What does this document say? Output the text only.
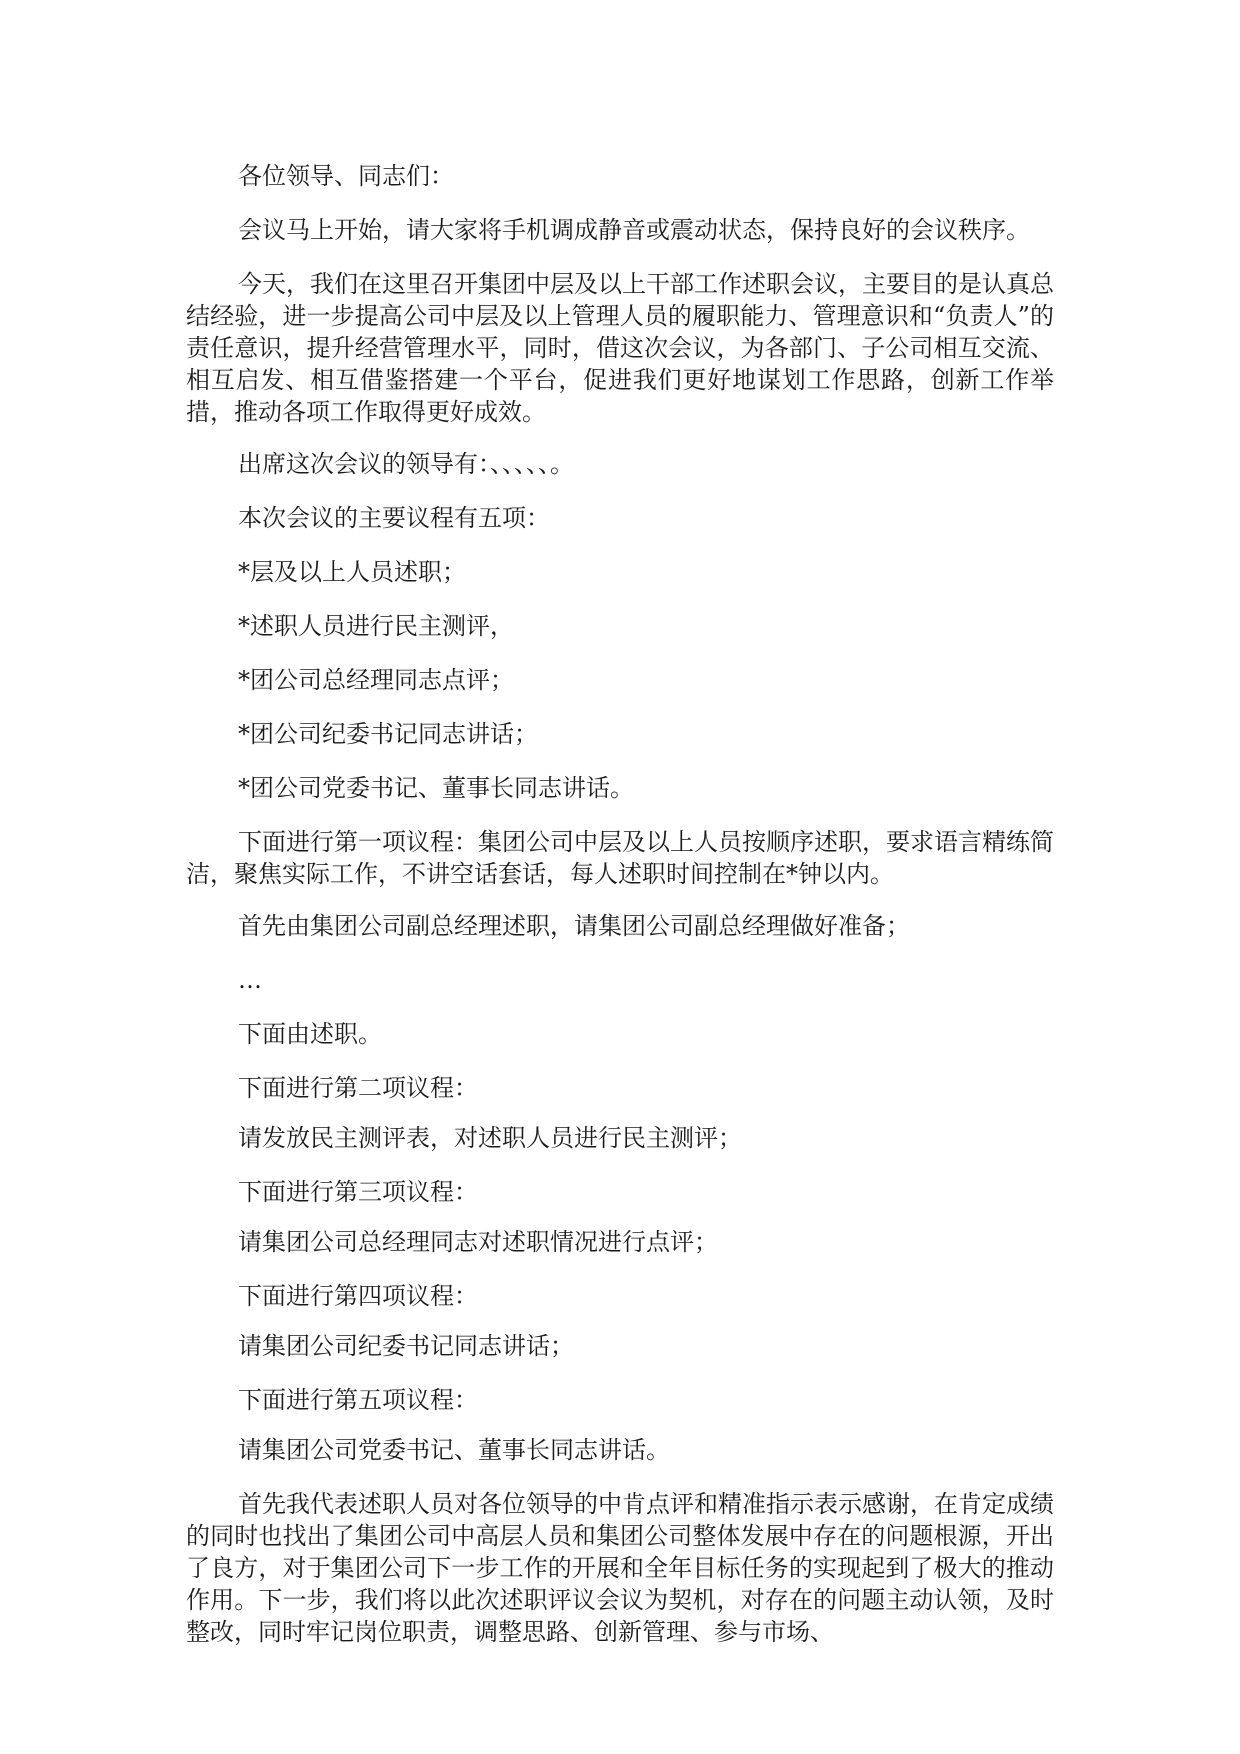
各位领导、同志们：

会议马上开始，请大家将手机调成静音或震动状态，保持良好的会议秩序。

今天，我们在这里召开集团中层及以上干部工作述职会议，主要目的是认真总结经验，进一步提高公司中层及以上管理人员的履职能力、管理意识和“负责人”的责任意识，提升经营管理水平，同时，借这次会议，为各部门、子公司相互交流、相互启发、相互借鉴搭建一个平台，促进我们更好地谋划工作思路，创新工作举措，推动各项工作取得更好成效。

出席这次会议的领导有：、、、、、。

本次会议的主要议程有五项：

*层及以上人员述职；

*述职人员进行民主测评，

*团公司总经理同志点评；

*团公司纪委书记同志讲话；

*团公司党委书记、董事长同志讲话。

下面进行第一项议程：集团公司中层及以上人员按顺序述职，要求语言精练简洁，聚焦实际工作，不讲空话套话，每人述职时间控制在*钟以内。

首先由集团公司副总经理述职，请集团公司副总经理做好准备；

…

下面由述职。

下面进行第二项议程：

请发放民主测评表，对述职人员进行民主测评；

下面进行第三项议程：

请集团公司总经理同志对述职情况进行点评；

下面进行第四项议程：

请集团公司纪委书记同志讲话；

下面进行第五项议程：

请集团公司党委书记、董事长同志讲话。

首先我代表述职人员对各位领导的中肯点评和精准指示表示感谢，在肯定成绩的同时也找出了集团公司中高层人员和集团公司整体发展中存在的问题根源，开出了良方，对于集团公司下一步工作的开展和全年目标任务的实现起到了极大的推动作用。下一步，我们将以此次述职评议会议为契机，对存在的问题主动认领，及时整改，同时牢记岗位职责，调整思路、创新管理、参与市场、
